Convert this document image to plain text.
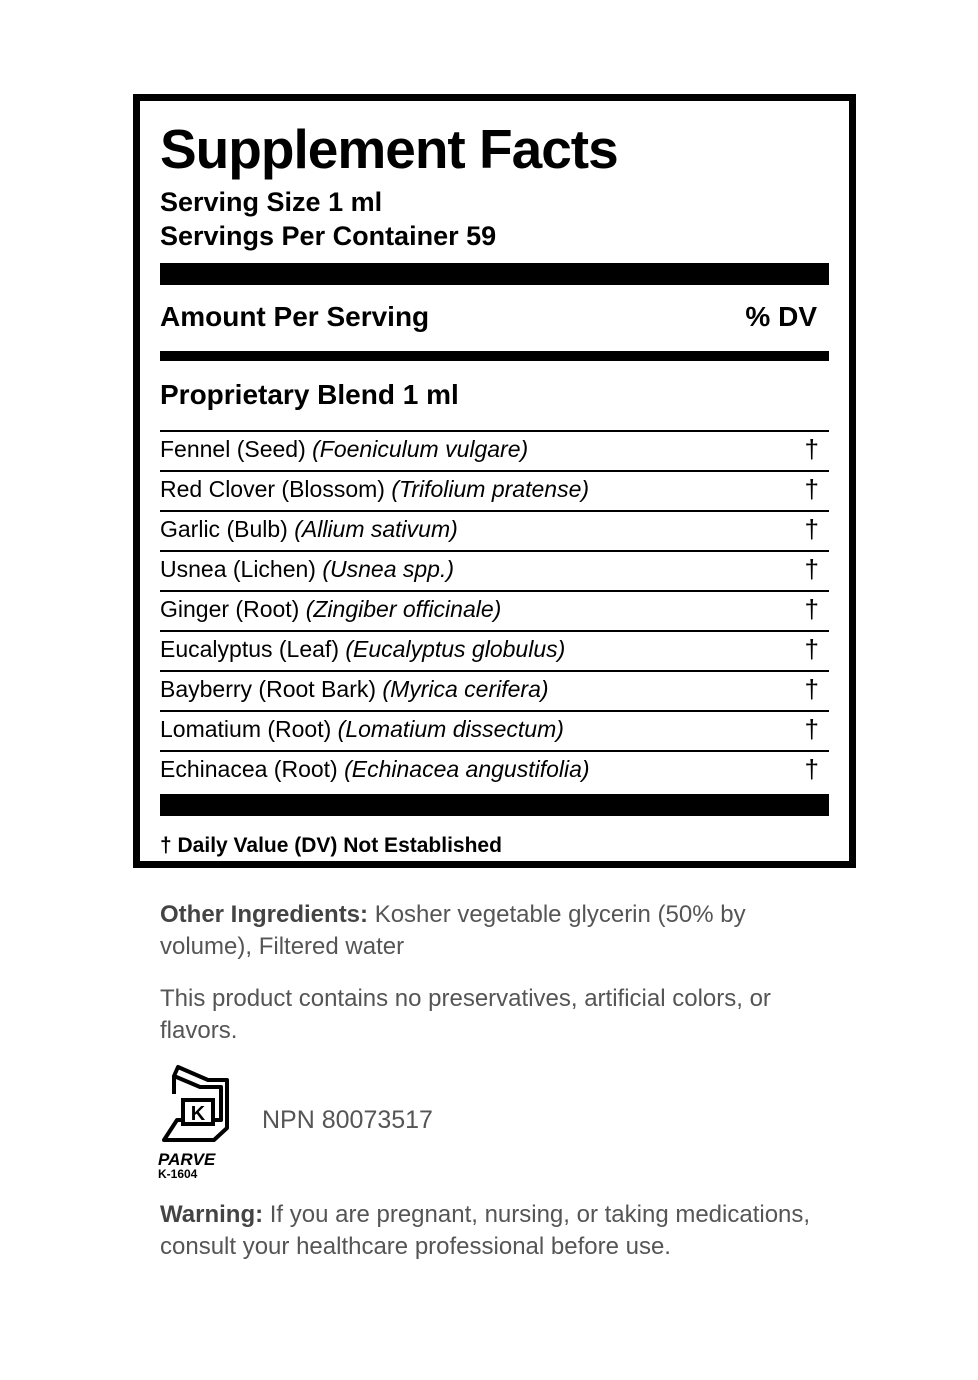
Supplement Facts
Serving Size 1 ml
Servings Per Container 59
Amount Per Serving	% DV
Proprietary Blend 1 ml
Fennel (Seed) (Foeniculum vulgare)	†
Red Clover (Blossom) (Trifolium pratense)	†
Garlic (Bulb) (Allium sativum)	†
Usnea (Lichen) (Usnea spp.)	†
Ginger (Root) (Zingiber officinale)	†
Eucalyptus (Leaf) (Eucalyptus globulus)	†
Bayberry (Root Bark) (Myrica cerifera)	†
Lomatium (Root) (Lomatium dissectum)	†
Echinacea (Root) (Echinacea angustifolia)	†
† Daily Value (DV) Not Established
Other Ingredients: Kosher vegetable glycerin (50% by volume), Filtered water
This product contains no preservatives, artificial colors, or flavors.
K
PARVE
K-1604
NPN 80073517
Warning: If you are pregnant, nursing, or taking medications, consult your healthcare professional before use.
